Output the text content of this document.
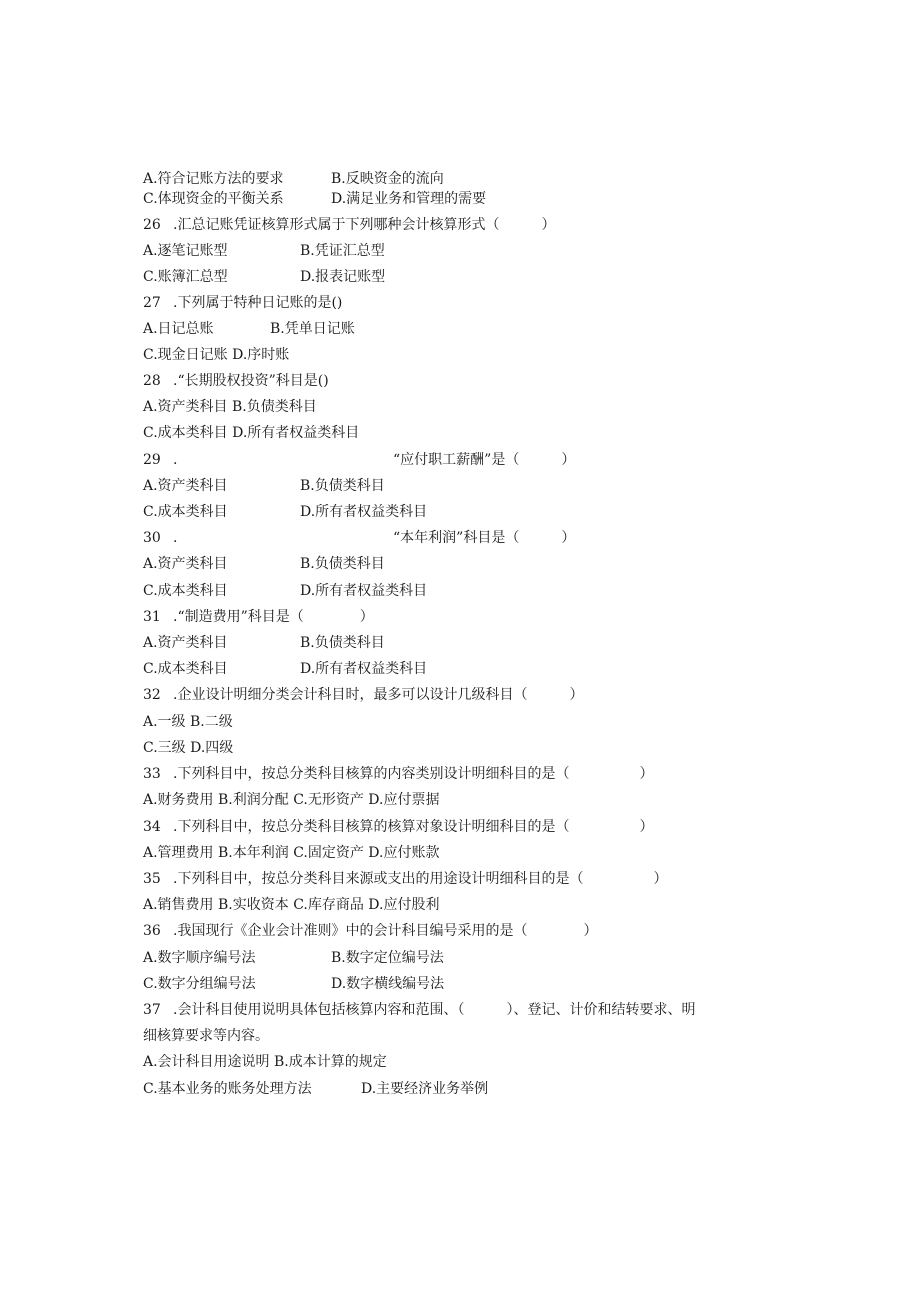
A.符合记账方法的要求	B.反映资金的流向
C.体现资金的平衡关系	D.满足业务和管理的需要
26 .汇总记账凭证核算形式属于下列哪种会计核算形式（　　　）
A.逐笔记账型	B.凭证汇总型
C.账簿汇总型	D.报表记账型
27 .下列属于特种日记账的是()
A.日记总账	B.凭单日记账
C.现金日记账 D.序时账
28 .“长期股权投资”科目是()
A.资产类科目 B.负债类科目
C.成本类科目 D.所有者权益类科目
29 .	“应付职工薪酬”是（　　　）
A.资产类科目	B.负债类科目
C.成本类科目	D.所有者权益类科目
30 .	“本年利润”科目是（　　　）
A.资产类科目	B.负债类科目
C.成本类科目	D.所有者权益类科目
31 .“制造费用”科目是（　　　　）
A.资产类科目	B.负债类科目
C.成本类科目	D.所有者权益类科目
32 .企业设计明细分类会计科目时，最多可以设计几级科目（　　　）
A.一级 B.二级
C.三级 D.四级
33 .下列科目中，按总分类科目核算的内容类别设计明细科目的是（　　　　　）
A.财务费用 B.利润分配 C.无形资产 D.应付票据
34 .下列科目中，按总分类科目核算的核算对象设计明细科目的是（　　　　　）
A.管理费用 B.本年利润 C.固定资产 D.应付账款
35 .下列科目中，按总分类科目来源或支出的用途设计明细科目的是（　　　　　）
A.销售费用 B.实收资本 C.库存商品 D.应付股利
36 .我国现行《企业会计准则》中的会计科目编号采用的是（　　　　）
A.数字顺序编号法	B.数字定位编号法
C.数字分组编号法	D.数字横线编号法
37 .会计科目使用说明具体包括核算内容和范围、（　　　）、登记、计价和结转要求、明
细核算要求等内容。
A.会计科目用途说明 B.成本计算的规定
C.基本业务的账务处理方法	D.主要经济业务举例
